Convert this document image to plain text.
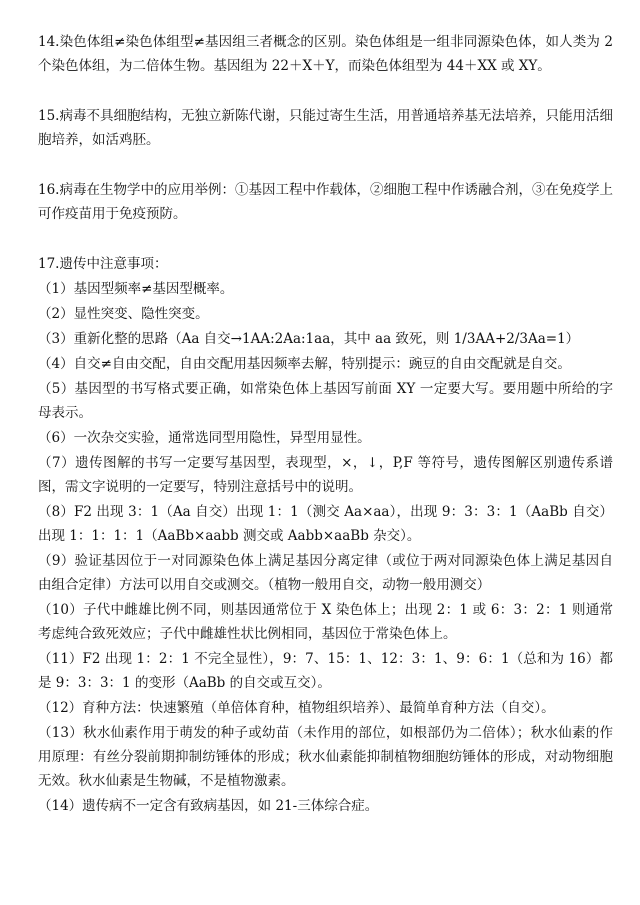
14.染色体组≠染色体组型≠基因组三者概念的区别。染色体组是一组非同源染色体，如人类为 2 个染色体组，为二倍体生物。基因组为 22＋X＋Y，而染色体组型为 44＋XX 或 XY。

15.病毒不具细胞结构，无独立新陈代谢，只能过寄生生活，用普通培养基无法培养，只能用活细胞培养，如活鸡胚。

16.病毒在生物学中的应用举例：①基因工程中作载体，②细胞工程中作诱融合剂，③在免疫学上可作疫苗用于免疫预防。

17.遗传中注意事项：

（1）基因型频率≠基因型概率。

（2）显性突变、隐性突变。

（3）重新化整的思路（Aa 自交→1AA:2Aa:1aa，其中 aa 致死，则 1/3AA+2/3Aa=1）

（4）自交≠自由交配，自由交配用基因频率去解，特别提示：豌豆的自由交配就是自交。

（5）基因型的书写格式要正确，如常染色体上基因写前面 XY 一定要大写。要用题中所给的字母表示。

（6）一次杂交实验，通常选同型用隐性，异型用显性。

（7）遗传图解的书写一定要写基因型，表现型，×，↓，P,F 等符号，遗传图解区别遗传系谱图，需文字说明的一定要写，特别注意括号中的说明。

（8）F2 出现 3：1（Aa 自交）出现 1：1（测交 Aa×aa），出现 9：3：3：1（AaBb 自交）出现 1：1：1：1（AaBb×aabb 测交或 Aabb×aaBb 杂交）。

（9）验证基因位于一对同源染色体上满足基因分离定律（或位于两对同源染色体上满足基因自由组合定律）方法可以用自交或测交。（植物一般用自交，动物一般用测交）

（10）子代中雌雄比例不同，则基因通常位于 X 染色体上；出现 2：1 或 6：3：2：1 则通常考虑纯合致死效应；子代中雌雄性状比例相同，基因位于常染色体上。

（11）F2 出现 1：2：1 不完全显性），9：7、15：1、12：3：1、9：6：1（总和为 16）都是 9：3：3：1 的变形（AaBb 的自交或互交）。

（12）育种方法：快速繁殖（单倍体育种，植物组织培养）、最简单育种方法（自交）。

（13）秋水仙素作用于萌发的种子或幼苗（未作用的部位，如根部仍为二倍体）；秋水仙素的作用原理：有丝分裂前期抑制纺锤体的形成；秋水仙素能抑制植物细胞纺锤体的形成，对动物细胞无效。秋水仙素是生物碱，不是植物激素。

（14）遗传病不一定含有致病基因，如 21-三体综合症。
